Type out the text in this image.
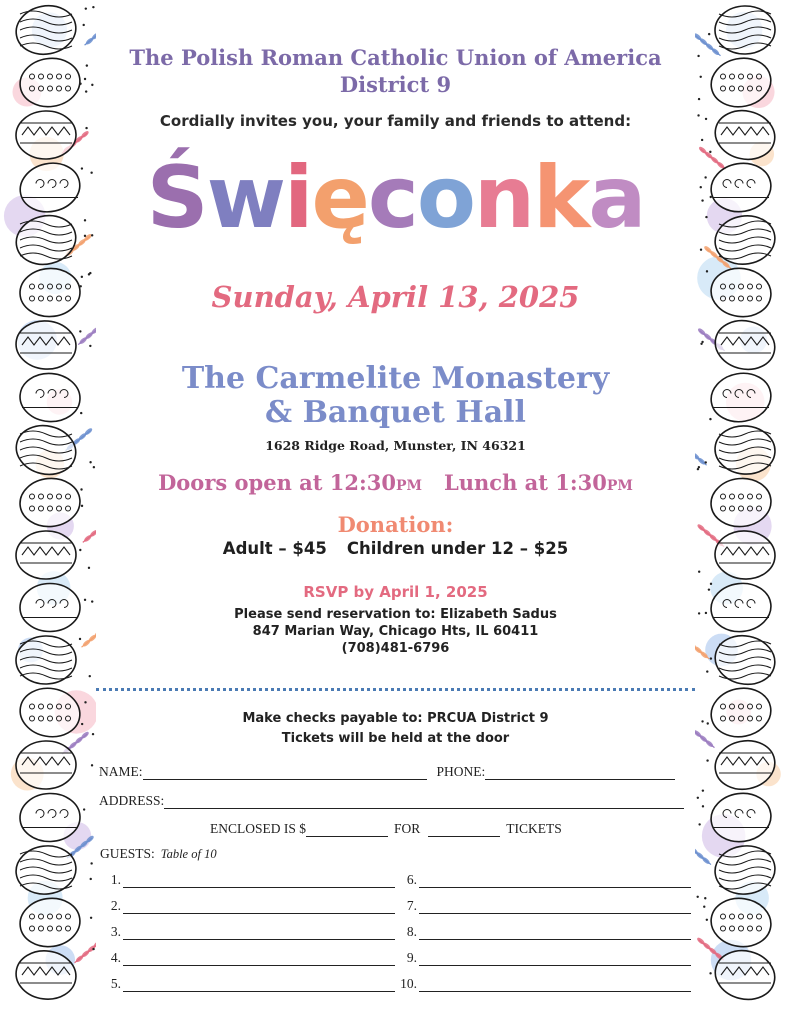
The Polish Roman Catholic Union of America
District 9
Cordially invites you, your family and friends to attend:
Święconka
Sunday, April 13, 2025
The Carmelite Monastery
& Banquet Hall
1628 Ridge Road, Munster, IN 46321
Doors open at 12:30PM Lunch at 1:30PM
Donation:
Adult – $45 Children under 12 – $25
RSVP by April 1, 2025
Please send reservation to: Elizabeth Sadus
847 Marian Way, Chicago Hts, IL 60411
(708)481-6796
Make checks payable to: PRCUA District 9
Tickets will be held at the door
NAME:	PHONE:
ADDRESS:
ENCLOSED IS $	FOR	TICKETS
GUESTS: Table of 10
1.
2.
3.
4.
5.
6.
7.
8.
9.
10.
